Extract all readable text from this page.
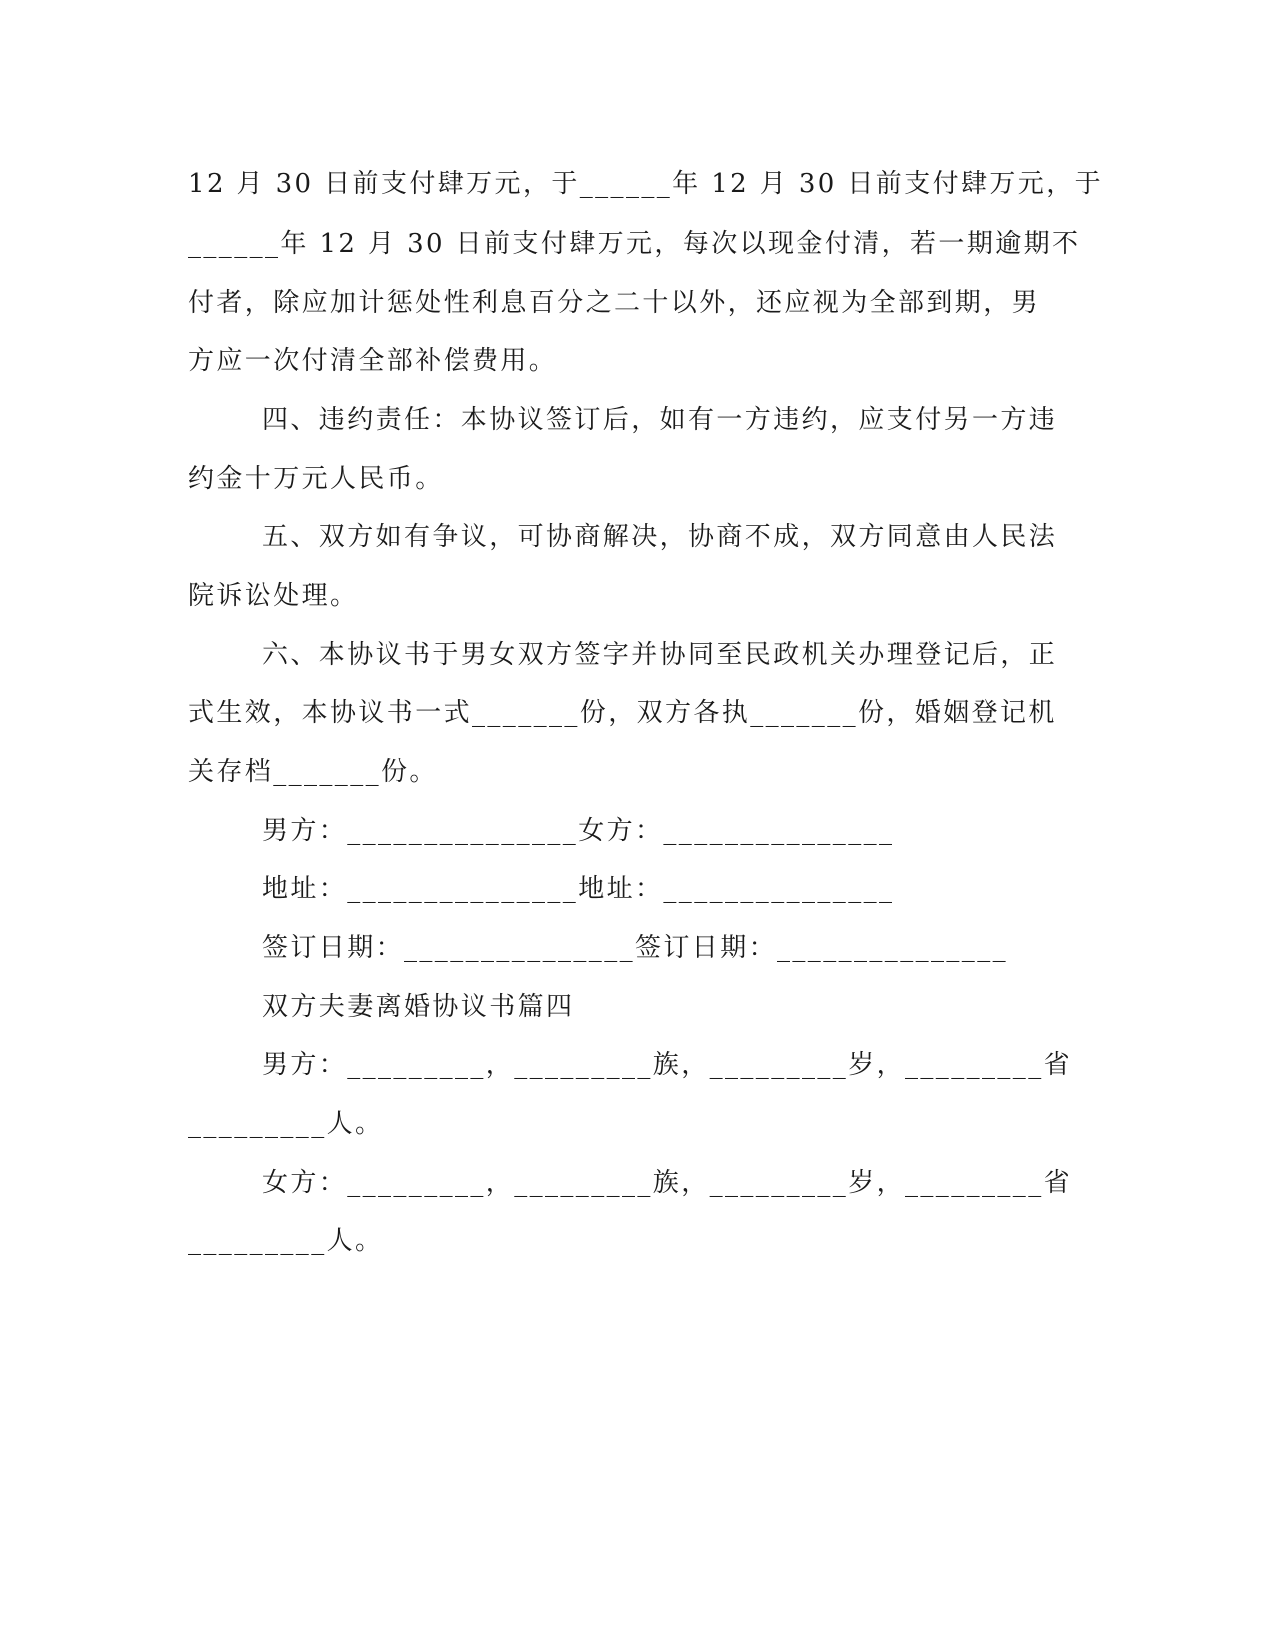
12 月 30 日前支付肆万元，于______年 12 月 30 日前支付肆万元，于
______年 12 月 30 日前支付肆万元，每次以现金付清，若一期逾期不
付者，除应加计惩处性利息百分之二十以外，还应视为全部到期，男
方应一次付清全部补偿费用。
四、违约责任：本协议签订后，如有一方违约，应支付另一方违
约金十万元人民币。
五、双方如有争议，可协商解决，协商不成，双方同意由人民法
院诉讼处理。
六、本协议书于男女双方签字并协同至民政机关办理登记后，正
式生效，本协议书一式_______份，双方各执_______份，婚姻登记机
关存档_______份。
男方：_______________女方：_______________
地址：_______________地址：_______________
签订日期：_______________签订日期：_______________
双方夫妻离婚协议书篇四
男方：_________，_________族，_________岁，_________省
_________人。
女方：_________，_________族，_________岁，_________省
_________人。
